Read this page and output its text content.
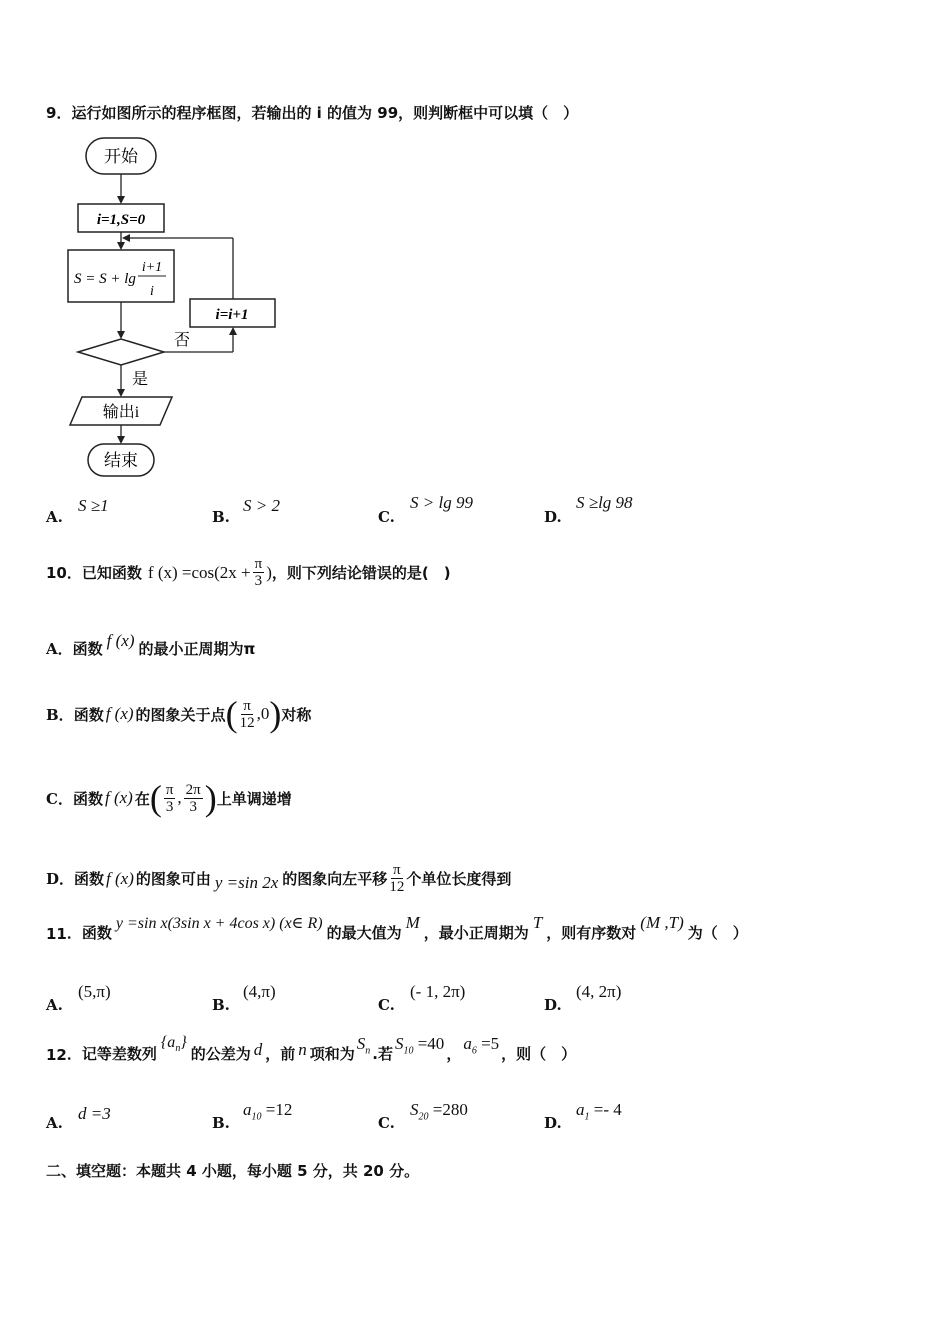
9．运行如图所示的程序框图，若输出的 i 的值为 99，则判断框中可以填（　）
开始
i=1,S=0
S = S + lg
i+1
i
i=i+1
否
是
输出i
结束
A.
S ≥1
B.
S > 2
C.
S > lg 99
D.
S ≥lg 98
10 ． 已知函数 f $(x) =\cos(2x + \frac{\pi}{3}$ ) ，则下列结论错误的是(　)
A． 函数 f (x) 的最小正周期为π
B． 函数 f (x) 的图象关于点 ( $\frac{\pi}{12} ,0$ ) 对称
C． 函数 f (x) 在 ( $\frac{\pi}{3}$ , $\frac{2\pi}{3}$ ) 上单调递增
D． 函数 f (x) 的图象可由 y =sin 2x 的图象向左平移 $\frac{\pi}{12}$ 个单位长度得到
11 ． 函数
y =sin x(3sin x + 4cos x) (x∈ R)
的最大值为
M
，最小正周期为
T
，则有序数对
(M ,T)
为（　）
A.
(5,π)
B.
(4,π)
C.
(- 1, 2π)
D.
(4, 2π)
12 ． 记等差数列
$\{a_n\}$
的公差为 d ，前 n 项和为
$S_n$ .若
$S_{10} =40$
，
$a_6 =5$
，则（　）
A. d =3	B.
$a_{10} =12$
C.
$S_{20} =280$
D.
$a_1 =- 4$
二、填空题：本题共 4 小题，每小题 5 分，共 20 分。
